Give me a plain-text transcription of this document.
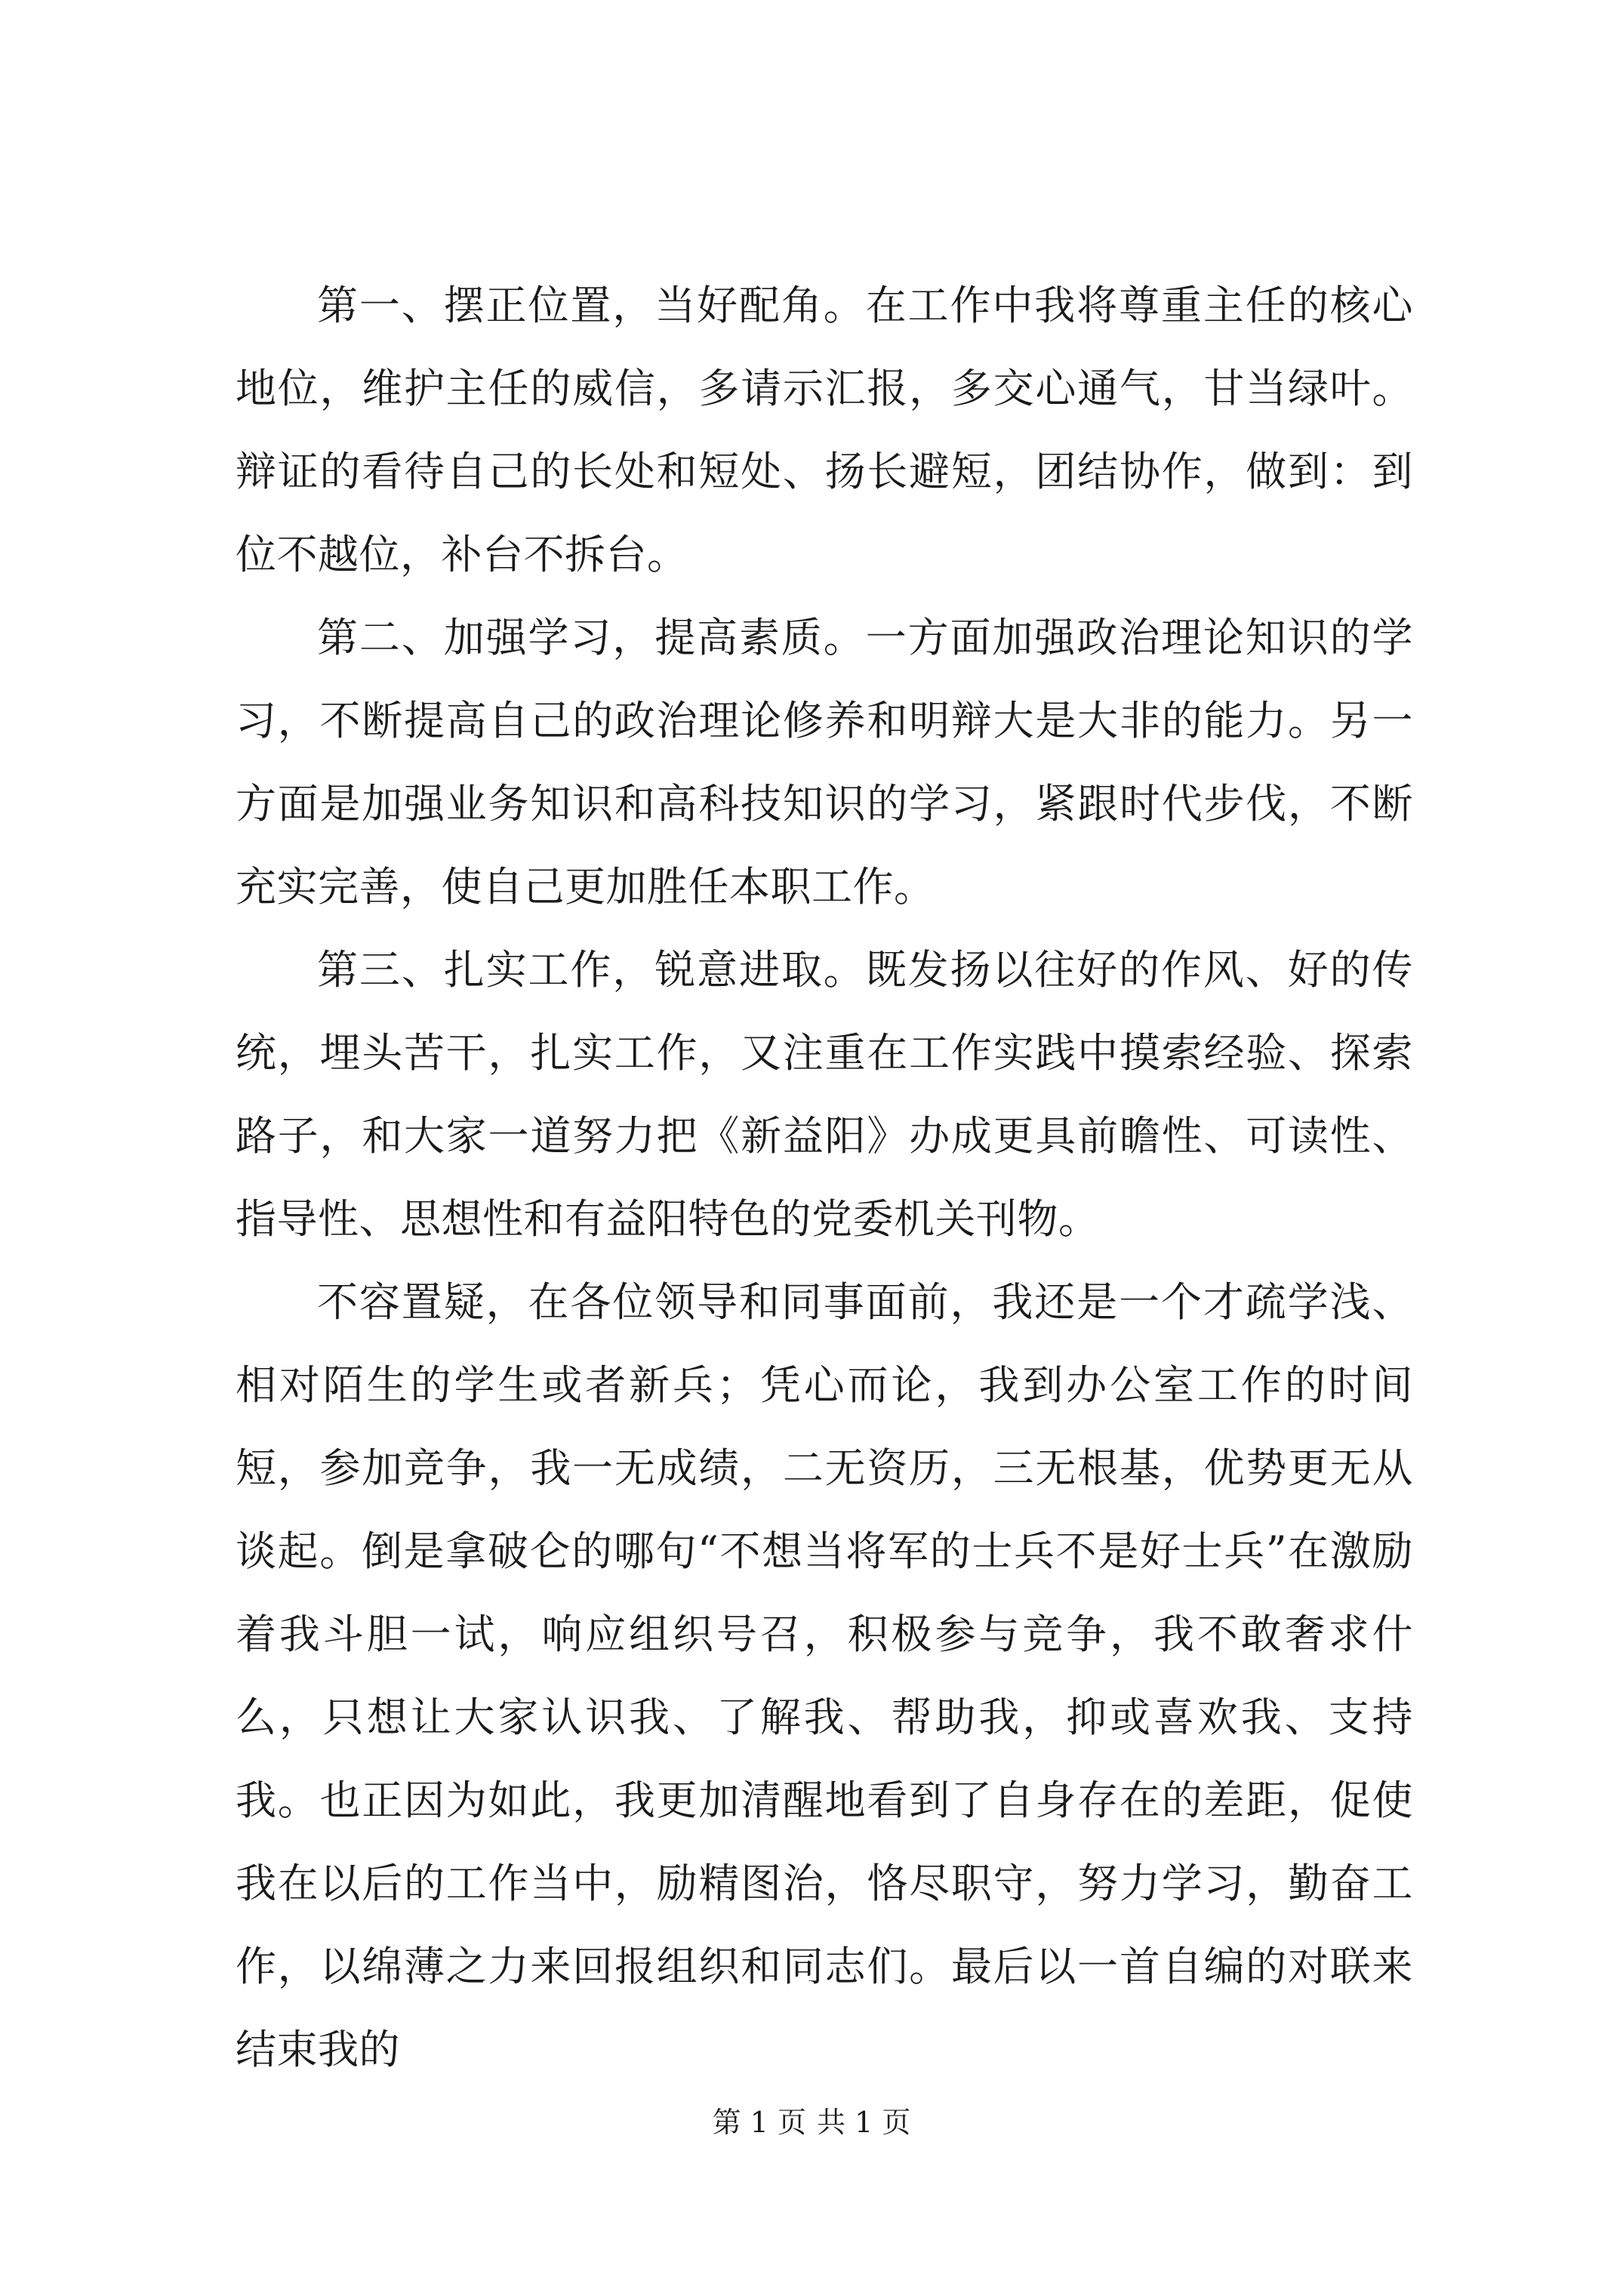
第一、摆正位置，当好配角。在工作中我将尊重主任的核心地位，维护主任的威信，多请示汇报，多交心通气，甘当绿叶。辩证的看待自己的长处和短处、扬长避短，团结协作，做到：到位不越位，补台不拆台。

第二、加强学习，提高素质。一方面加强政治理论知识的学习，不断提高自己的政治理论修养和明辩大是大非的能力。另一方面是加强业务知识和高科技知识的学习，紧跟时代步伐，不断充实完善，使自己更加胜任本职工作。

第三、扎实工作，锐意进取。既发扬以往好的作风、好的传统，埋头苦干，扎实工作，又注重在工作实践中摸索经验、探索路子，和大家一道努力把《新益阳》办成更具前瞻性、可读性、指导性、思想性和有益阳特色的党委机关刊物。

不容置疑，在各位领导和同事面前，我还是一个才疏学浅、相对陌生的学生或者新兵；凭心而论，我到办公室工作的时间短，参加竞争，我一无成绩，二无资历，三无根基，优势更无从谈起。倒是拿破仑的哪句“不想当将军的士兵不是好士兵”在激励着我斗胆一试，响应组织号召，积极参与竞争，我不敢奢求什么，只想让大家认识我、了解我、帮助我，抑或喜欢我、支持我。也正因为如此，我更加清醒地看到了自身存在的差距，促使我在以后的工作当中，励精图治，恪尽职守，努力学习，勤奋工作，以绵薄之力来回报组织和同志们。最后以一首自编的对联来结束我的

第 1 页 共 1 页
